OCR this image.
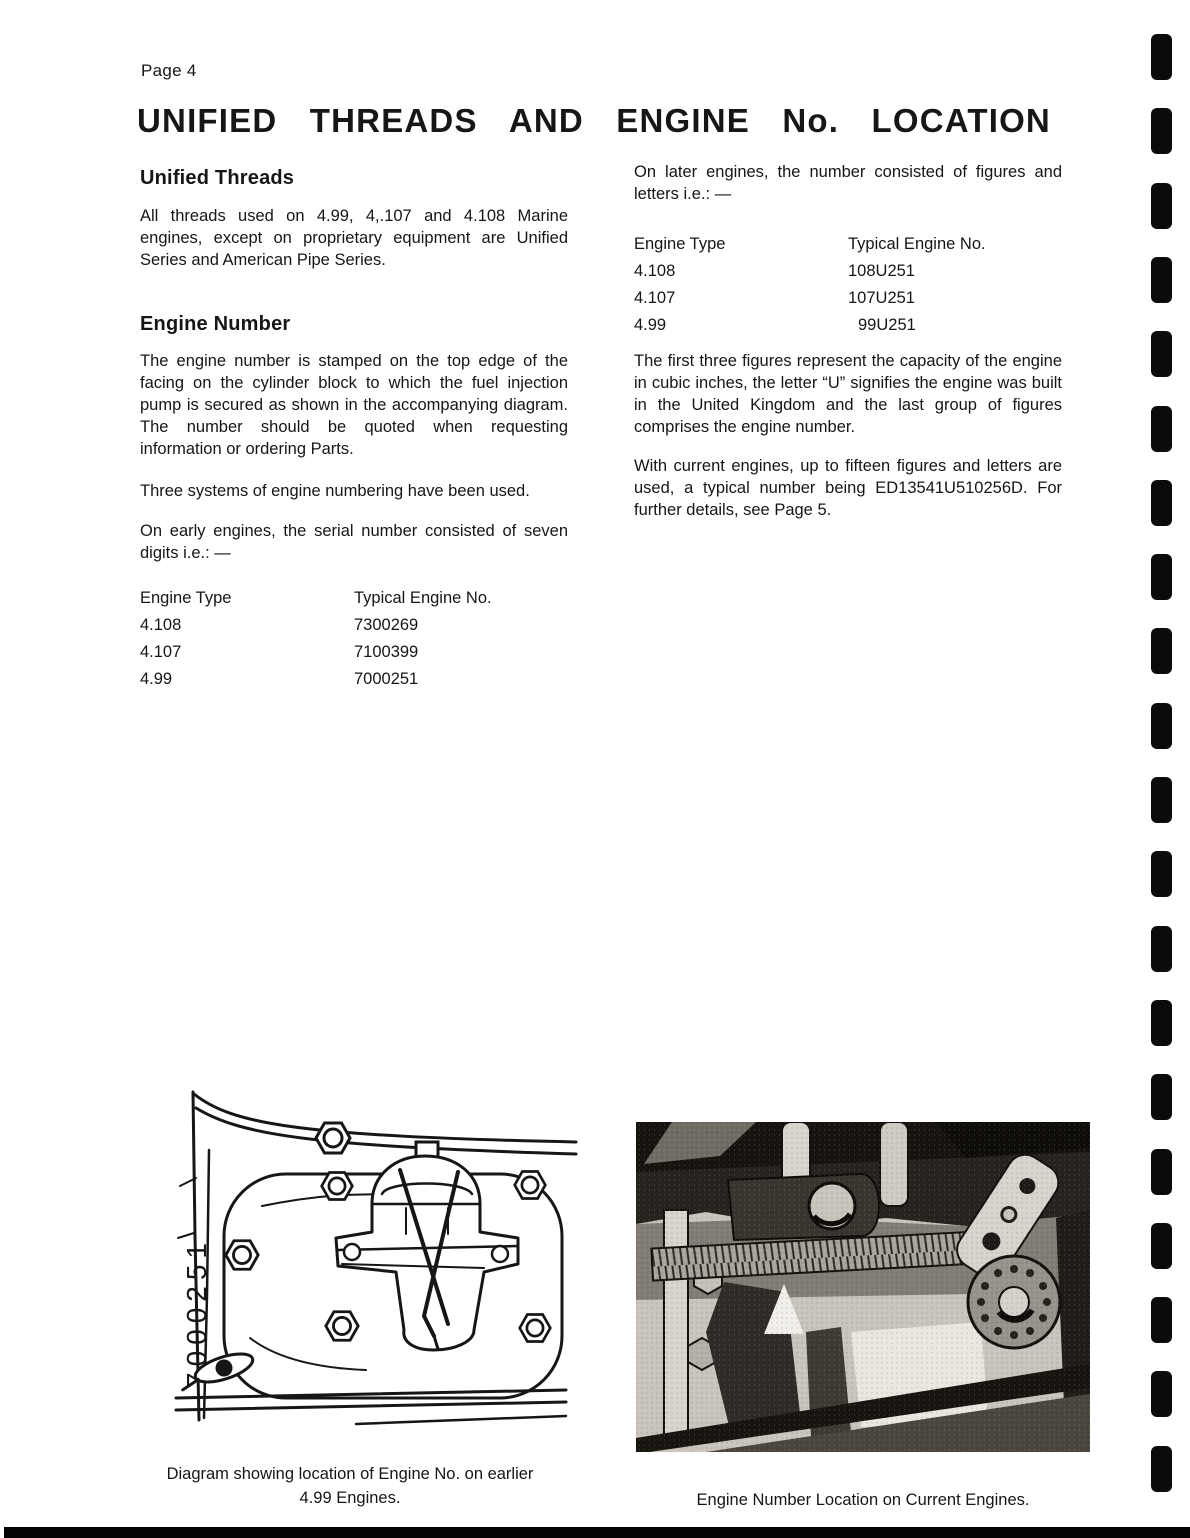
Page 4
UNIFIED THREADS AND ENGINE No. LOCATION
Unified Threads

All threads used on 4.99, 4,.107 and 4.108 Marine engines, except on proprietary equipment are Unified Series and American Pipe Series.

Engine Number

The engine number is stamped on the top edge of the facing on the cylinder block to which the fuel injection pump is secured as shown in the accompanying diagram. The number should be quoted when requesting information or ordering Parts.

Three systems of engine numbering have been used.

On early engines, the serial number consisted of seven digits i.e.: —

Engine Type	Typical Engine No.
4.108	7300269
4.107	7100399
4.99	7000251

On later engines, the number consisted of figures and letters i.e.: —

Engine Type	Typical Engine No.
4.108	108U251
4.107	107U251
4.99	99U251

The first three figures represent the capacity of the engine in cubic inches, the letter “U” signifies the engine was built in the United Kingdom and the last group of figures comprises the engine number.

With current engines, up to fifteen figures and letters are used, a typical number being ED13541U510256D. For further details, see Page 5.

7000251
Diagram showing location of Engine No. on earlier 4.99 Engines.	Engine Number Location on Current Engines.
